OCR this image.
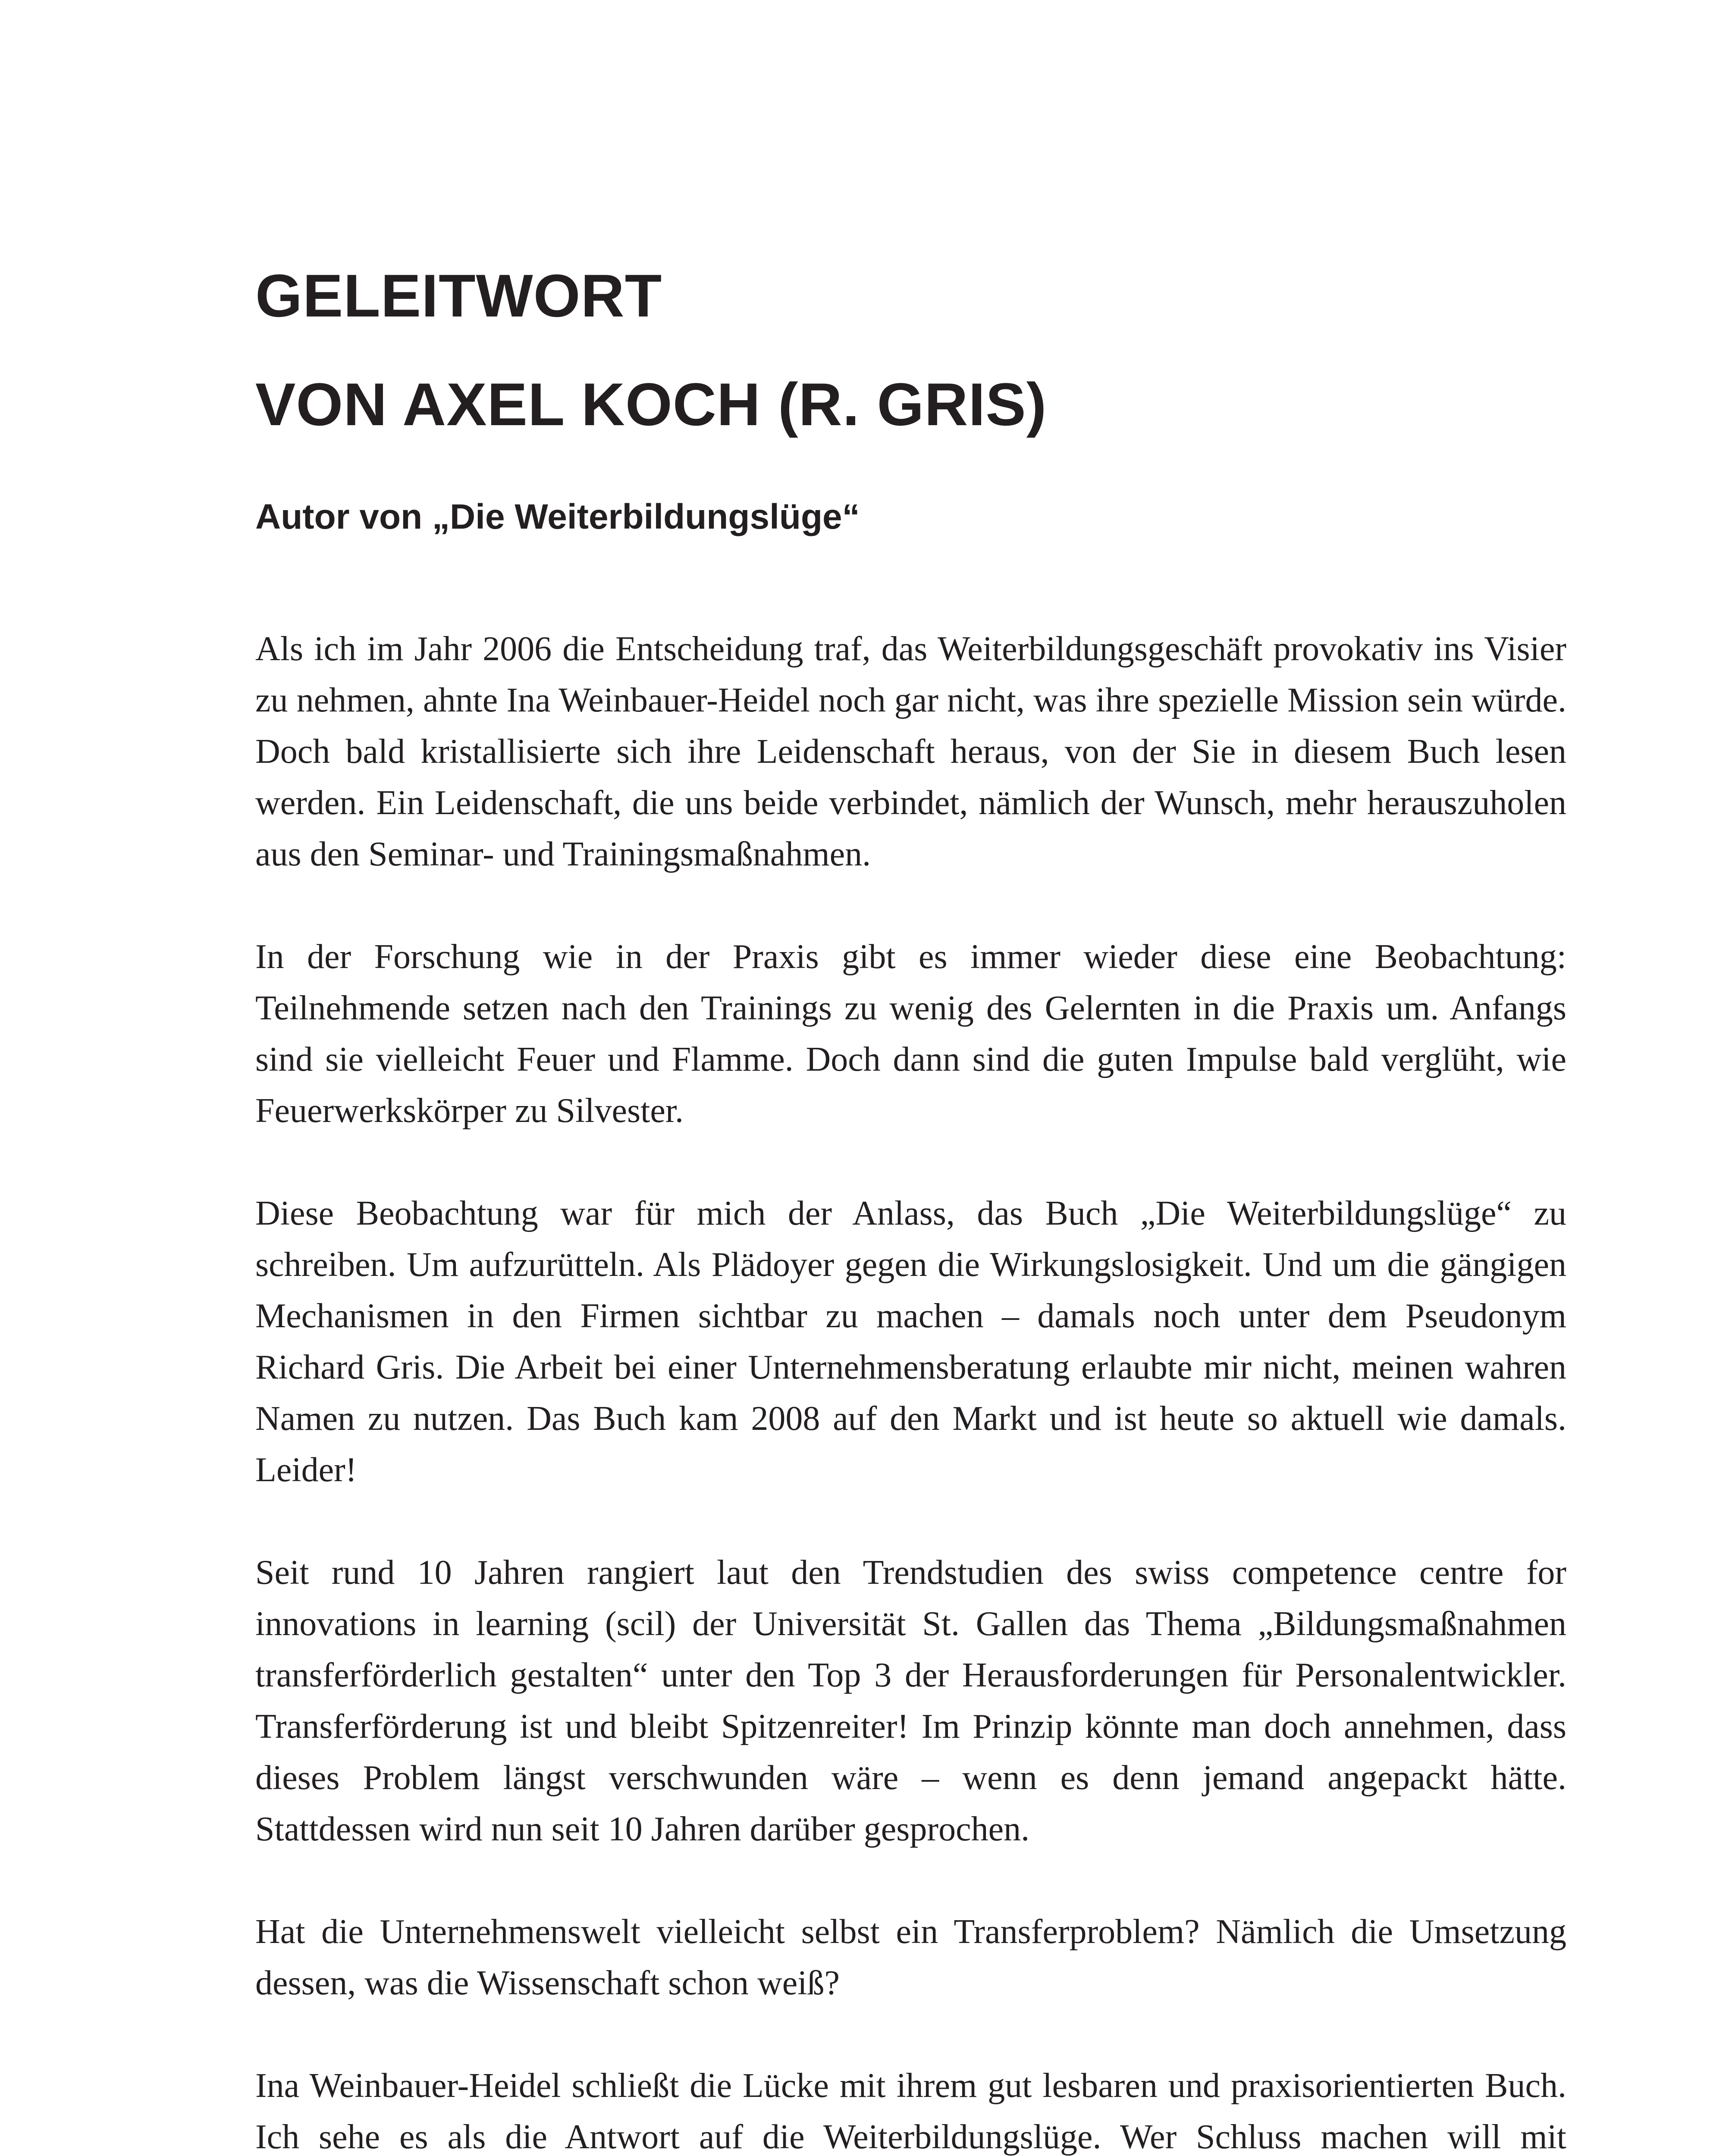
GELEITWORT
VON AXEL KOCH (R. GRIS)
Autor von „Die Weiterbildungslüge“

Als ich im Jahr 2006 die Entscheidung traf, das Weiterbildungsgeschäft provokativ ins Visier zu nehmen, ahnte Ina Weinbauer-Heidel noch gar nicht, was ihre spezielle Mission sein würde. Doch bald kristallisierte sich ihre Leidenschaft heraus, von der Sie in diesem Buch lesen werden. Ein Leidenschaft, die uns beide verbindet, nämlich der Wunsch, mehr herauszuholen aus den Seminar- und Trainingsmaßnahmen.

In der Forschung wie in der Praxis gibt es immer wieder diese eine Beobachtung: Teilnehmende setzen nach den Trainings zu wenig des Gelernten in die Praxis um. Anfangs sind sie vielleicht Feuer und Flamme. Doch dann sind die guten Impulse bald verglüht, wie Feuerwerkskörper zu Silvester.

Diese Beobachtung war für mich der Anlass, das Buch „Die Weiterbildungslüge“ zu schreiben. Um aufzurütteln. Als Plädoyer gegen die Wirkungslosigkeit. Und um die gängigen Mechanismen in den Firmen sichtbar zu machen – damals noch unter dem Pseudonym Richard Gris. Die Arbeit bei einer Unternehmensberatung erlaubte mir nicht, meinen wahren Namen zu nutzen. Das Buch kam 2008 auf den Markt und ist heute so aktuell wie damals. Leider!

Seit rund 10 Jahren rangiert laut den Trendstudien des swiss competence centre for innovations in learning (scil) der Universität St. Gallen das Thema „Bildungsmaßnahmen transferförderlich gestalten“ unter den Top 3 der Herausforderungen für Personalentwickler. Transferförderung ist und bleibt Spitzenreiter! Im Prinzip könnte man doch annehmen, dass dieses Problem längst verschwunden wäre – wenn es denn jemand angepackt hätte. Stattdessen wird nun seit 10 Jahren darüber gesprochen.

Hat die Unternehmenswelt vielleicht selbst ein Transferproblem? Nämlich die Umsetzung dessen, was die Wissenschaft schon weiß?

Ina Weinbauer-Heidel schließt die Lücke mit ihrem gut lesbaren und praxisorientierten Buch. Ich sehe es als die Antwort auf die Weiterbildungslüge. Wer Schluss machen will mit
